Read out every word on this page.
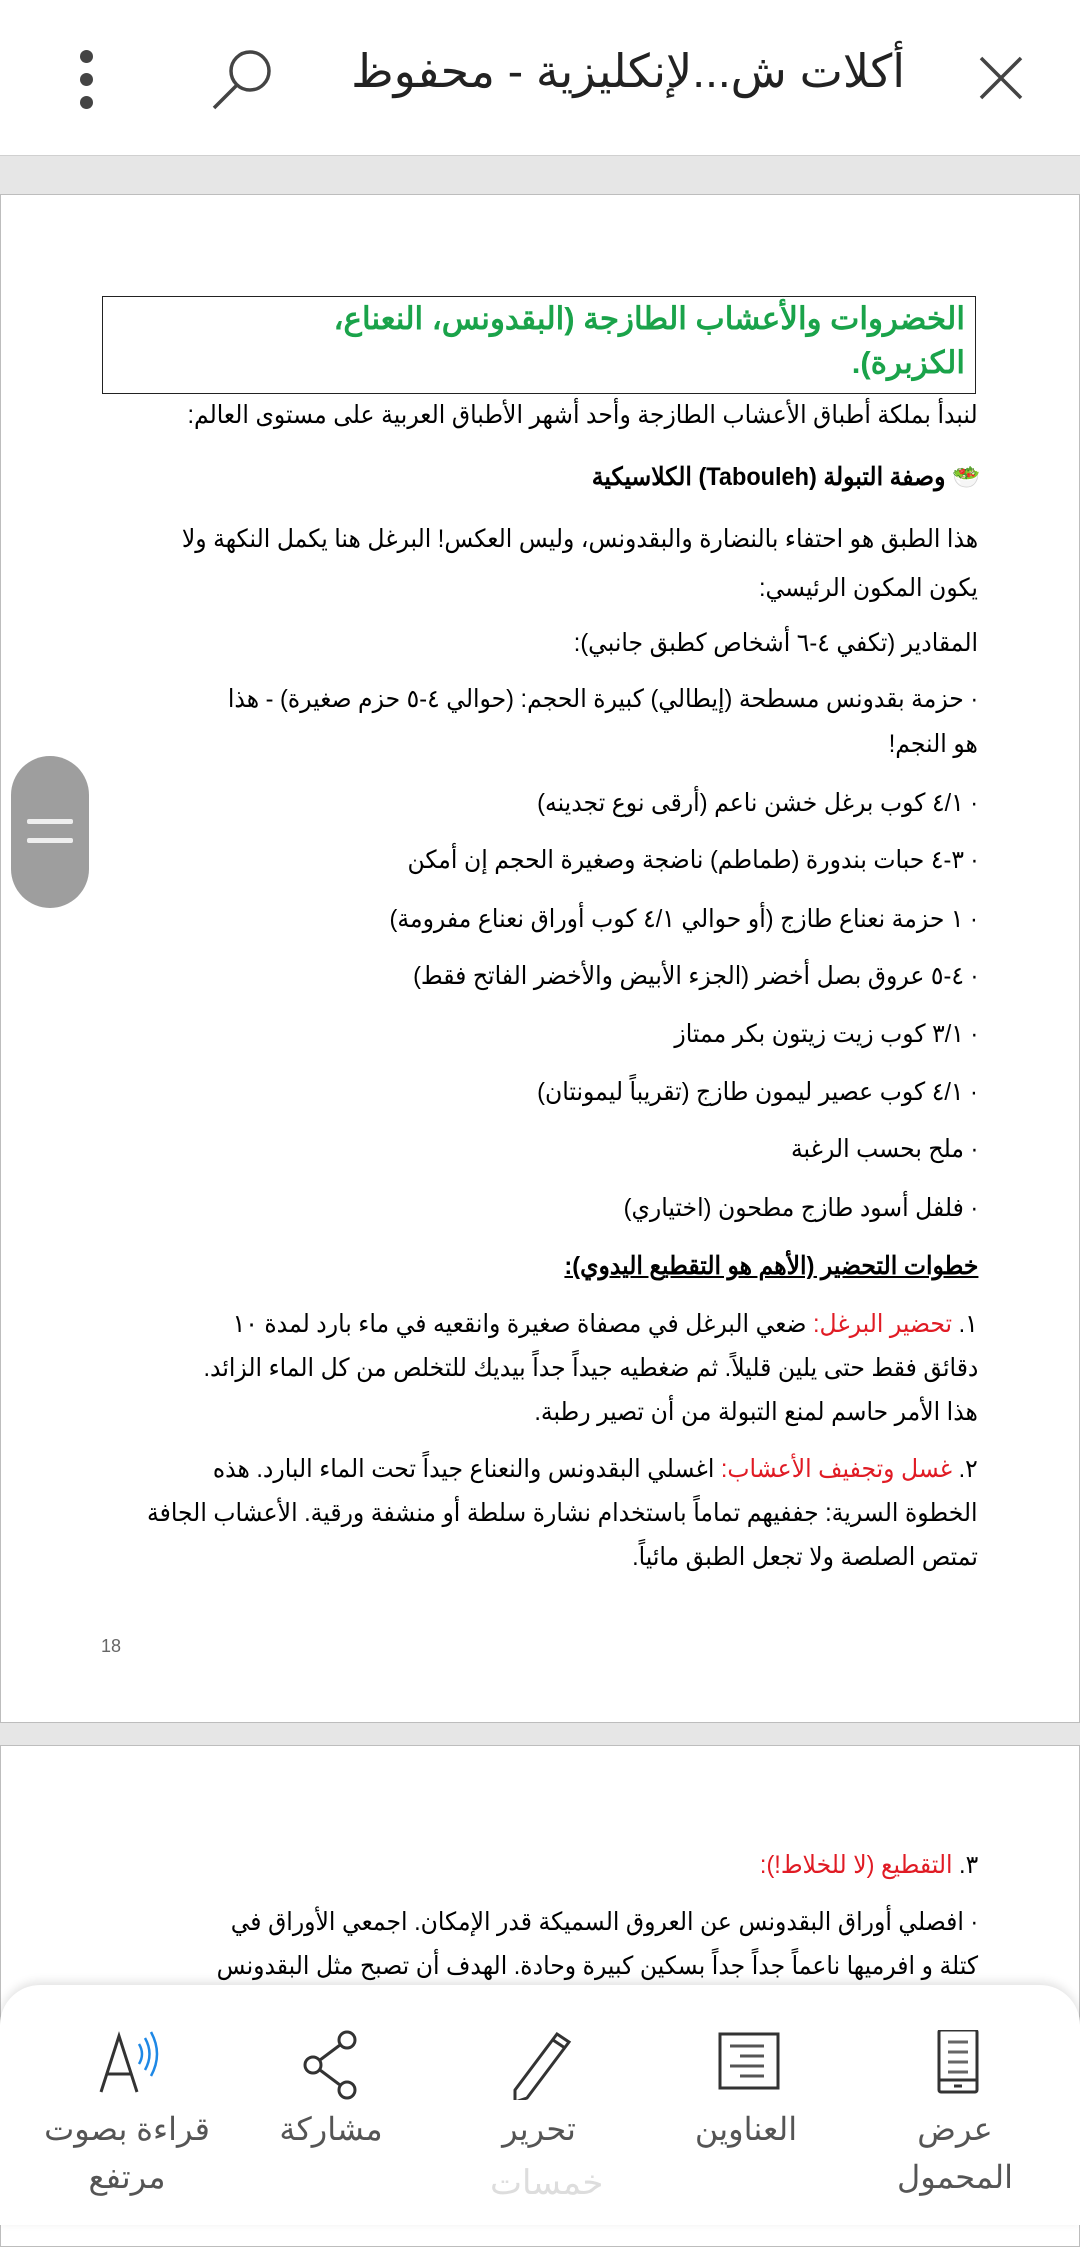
أكلات ش...لإنكليزية - محفوظ
الخضروات والأعشاب الطازجة (البقدونس، النعناع،
الكزبرة).
لنبدأ بملكة أطباق الأعشاب الطازجة وأحد أشهر الأطباق العربية على مستوى العالم:
🥗 وصفة التبولة (Tabouleh) الكلاسيكية
هذا الطبق هو احتفاء بالنضارة والبقدونس، وليس العكس! البرغل هنا يكمل النكهة ولا
يكون المكون الرئيسي:
المقادير (تكفي ٤-٦ أشخاص كطبق جانبي):
· حزمة بقدونس مسطحة (إيطالي) كبيرة الحجم: (حوالي ٤-٥ حزم صغيرة) - هذا
هو النجم!
· ٤/١ كوب برغل خشن ناعم (أرقى نوع تجدينه)
· ٣-٤ حبات بندورة (طماطم) ناضجة وصغيرة الحجم إن أمكن
· ١ حزمة نعناع طازج (أو حوالي ٤/١ كوب أوراق نعناع مفرومة)
· ٤-٥ عروق بصل أخضر (الجزء الأبيض والأخضر الفاتح فقط)
· ٣/١ كوب زيت زيتون بكر ممتاز
· ٤/١ كوب عصير ليمون طازج (تقريباً ليمونتان)
· ملح بحسب الرغبة
· فلفل أسود طازج مطحون (اختياري)
خطوات التحضير (الأهم هو التقطيع اليدوي):
١. تحضير البرغل: ضعي البرغل في مصفاة صغيرة وانقعيه في ماء بارد لمدة ١٠
دقائق فقط حتى يلين قليلاً. ثم ضغطيه جيداً جداً بيديك للتخلص من كل الماء الزائد.
هذا الأمر حاسم لمنع التبولة من أن تصير رطبة.
٢. غسل وتجفيف الأعشاب: اغسلي البقدونس والنعناع جيداً تحت الماء البارد. هذه
الخطوة السرية: جففيهم تماماً باستخدام نشارة سلطة أو منشفة ورقية. الأعشاب الجافة
تمتص الصلصة ولا تجعل الطبق مائياً.
18
٣. التقطيع (لا للخلاط!):
· افصلي أوراق البقدونس عن العروق السميكة قدر الإمكان. اجمعي الأوراق في
كتلة و افرميها ناعماً جداً جداً بسكين كبيرة وحادة. الهدف أن تصبح مثل البقدونس
قراءة بصوت
مرتفع
مشاركة	تحرير	العناوين	عرض
المحمول
خمسات
